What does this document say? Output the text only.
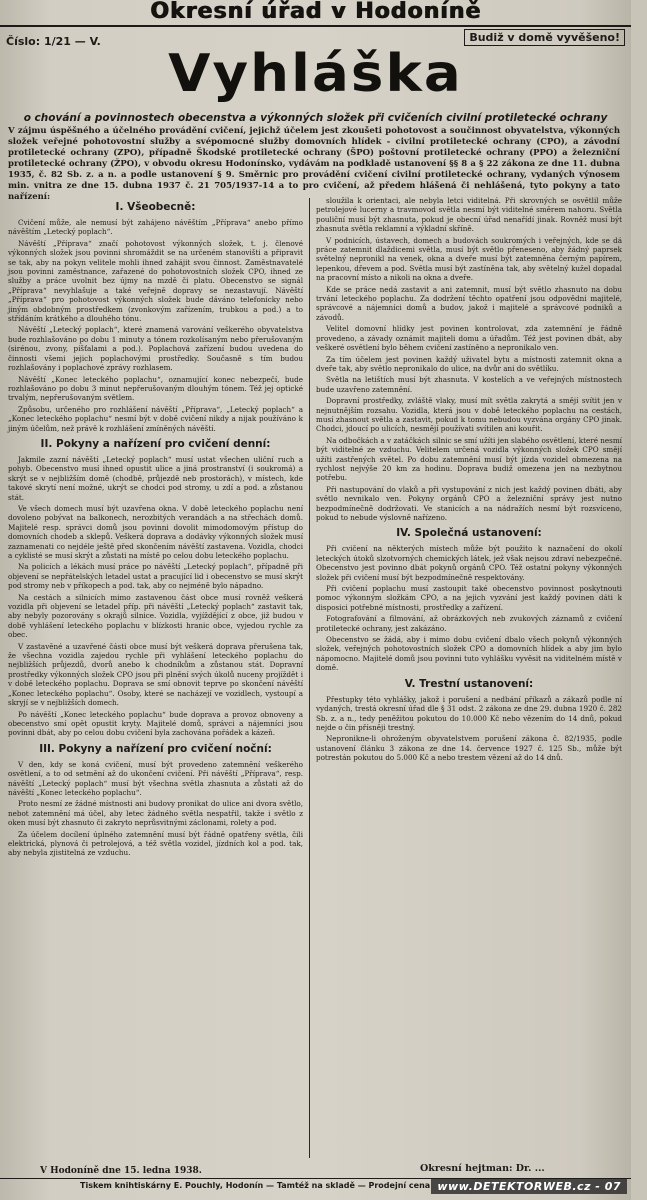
Okresní úřad v Hodoníně
Číslo: 1/21 — V.	Budiž v domě vyvěšeno!
Vyhláška
o chování a povinnostech obecenstva a výkonných složek při cvičeních civilní protiletecké ochrany
V zájmu úspěšného a účelného provádění cvičení, jejichž účelem jest zkoušeti pohotovost a součinnost obyvatelstva, výkonných složek veřejné pohotovostní služby a svépomocné služby domovních hlídek - civilní protiletecké ochrany (CPO), a závodní protiletecké ochrany (ZPO), případně Škodské protiletecké ochrany (ŠPO) poštovní protiletecké ochrany (PPO) a železniční protiletecké ochrany (ŽPO), v obvodu okresu Hodonínsko, vydávám na podkladě ustanovení §§ 8 a § 22 zákona ze dne 11. dubna 1935, č. 82 Sb. z. a n. a podle ustanovení § 9. Směrnic pro provádění cvičení civilní protiletecké ochrany, vydaných výnosem min. vnitra ze dne 15. dubna 1937 č. 21 705/1937-14 a to pro cvičení, až předem hlášená či nehlášená, tyto pokyny a tato nařízení:
I. Všeobecně:

Cvičení může, ale nemusí být zahájeno návěštím „Příprava“ anebo přímo návěštím „Letecký poplach“.

Návěští „Příprava“ značí pohotovost výkonných složek, t. j. členové výkonných složek jsou povinni shromáždit se na určeném stanovišti a připravit se tak, aby na pokyn velitele mohli ihned zahájit svou činnost. Zaměstnavatelé jsou povinni zaměstnance, zařazené do pohotovostních složek CPO, ihned ze služby a práce uvolnit bez újmy na mzdě či platu. Obecenstvo se signál „Příprava“ nevyhlašuje a také veřejně dopravy se nezastavují. Návěští „Příprava“ pro pohotovost výkonných složek bude dáváno telefonicky nebo jiným obdobným prostředkem (zvonkovým zařízením, trubkou a pod.) a to střídáním krátkého a dlouhého tónu.

Návěští „Letecký poplach“, které znamená varování veškerého obyvatelstva bude rozhlašováno po dobu 1 minuty a tónem rozkolísaným nebo přerušovaným (sirénou, zvony, píšťalami a pod.). Poplachová zařízení budou uvedena do činnosti všemi jejich poplachovými prostředky. Současně s tím budou rozhlašovány i poplachové zprávy rozhlasem.

Návěští „Konec leteckého poplachu“, oznamující konec nebezpečí, bude rozhlašováno po dobu 3 minut nepřerušovaným dlouhým tónem. Též jej optické trvalým, nepřerušovaným světlem.

Způsobu, určeného pro rozhlášení návěští „Příprava“, „Letecký poplach“ a „Konec leteckého poplachu“ nesmí být v době cvičení nikdy a nijak používáno k jiným účelům, než právě k rozhlášení zmíněných návěští.

II. Pokyny a nařízení pro cvičení denní:

Jakmile zazní návěští „Letecký poplach“ musí ustat všechen uliční ruch a pohyb. Obecenstvo musí ihned opustit ulice a jiná prostranství (i soukromá) a skrýt se v nejbližším domě (chodbě, průjezdě neb prostorách), v místech, kde takové skrytí není možné, ukrýt se chodci pod stromy, u zdí a pod. a zůstanou stát.

Ve všech domech musí být uzavřena okna. V době leteckého poplachu není dovoleno pobývat na balkonech, nerozbitých verandách a na střechách domů. Majitelé resp. správci domů jsou povinni dovolit mimodomovým přístup do domovních chodeb a sklepů. Veškerá doprava a dodávky výkonných složek musí zaznamenati co nejdéle ještě před skončením návěští zastavena. Vozidla, chodci a cyklisté se musí skrýt a zůstati na místě po celou dobu leteckého poplachu.

Na policích a lékách musí práce po návěští „Letecký poplach“, případně při objevení se nepřátelských letadel ustat a pracující lid i obecenstvo se musí skrýt pod stromy neb v příkopech a pod. tak, aby co nejméně bylo nápadno.

Na cestách a silnicích mimo zastavenou část obce musí rovněž veškerá vozidla při objevení se letadel příp. při návěští „Letecký poplach“ zastavit tak, aby nebyly pozorovány s okrajů silnice. Vozidla, vyjíždějící z obce, již budou v době vyhlášení leteckého poplachu v blízkosti hranic obce, vyjedou rychle za obec.

V zastavěné a uzavřené části obce musí být veškerá doprava přerušena tak, že všechna vozidla zajedou rychle při vyhlášení leteckého poplachu do nejbližších průjezdů, dvorů anebo k chodníkům a zůstanou stát. Dopravní prostředky výkonných složek CPO jsou při plnění svých úkolů nuceny projíždět i v době leteckého poplachu. Doprava se smí obnovit teprve po skončení návěští „Konec leteckého poplachu“. Osoby, které se nacházejí ve vozidlech, vystoupí a skryjí se v nejbližších domech.

Po návěští „Konec leteckého poplachu“ bude doprava a provoz obnoveny a obecenstvo smí opět opustit kryty. Majitelé domů, správci a nájemníci jsou povinni dbát, aby po celou dobu cvičení byla zachována pořádek a kázeň.

III. Pokyny a nařízení pro cvičení noční:

V den, kdy se koná cvičení, musí být provedeno zatemnění veškerého osvětlení, a to od setmění až do ukončení cvičení. Při návěští „Příprava“, resp. návěští „Letecký poplach“ musí být všechna světla zhasnuta a zůstati až do návěští „Konec leteckého poplachu“.

Proto nesmí ze žádné místnosti ani budovy pronikat do ulice ani dvora světlo, nebot zatemnění má účel, aby letec žádného světla nespatřil, takže i světlo z oken musí být zhasnuto či zakryto neprůsvitnými záclonami, rolety a pod.

Za účelem docílení úplného zatemnění musí být řádně opatřeny světla, čili elektrická, plynová či petrolejová, a též světla vozidel, jízdních kol a pod. tak, aby nebyla zjistitelná ze vzduchu.

sloužila k orientaci, ale nebyla letci viditelná. Při skrovných se osvětlil může petrolejové lucerny a travmovod světla nesmí být viditelné směrem nahoru. Světla pouliční musí být zhasnuta, pokud je obecní úřad nenařídí jinak. Rovněž musí být zhasnuta světla reklamní a výkladní skříně.

V podnicích, ústavech, domech a budovách soukromých i veřejných, kde se dá práce zatemnit dlaždicemi světla, musí být světlo přeneseno, aby žádný paprsek světelný nepronikl na venek, okna a dveře musí být zatemněna černým papírem, lepenkou, dřevem a pod. Světla musí být zastíněna tak, aby světelný kužel dopadal na pracovní místo a nikoli na okna a dveře.

Kde se práce nedá zastavit a ani zatemnit, musí být světlo zhasnuto na dobu trvání leteckého poplachu. Za dodržení těchto opatření jsou odpovědni majitelé, správcové a nájemníci domů a budov, jakož i majitelé a správcové podniků a závodů.

Velitel domovní hlídky jest povinen kontrolovat, zda zatemnění je řádně provedeno, a závady oznámit majiteli domu a úřadům. Též jest povinen dbát, aby veškeré osvětlení bylo během cvičení zastíněno a nepronikalo ven.

Za tím účelem jest povinen každý uživatel bytu a místnosti zatemnit okna a dveře tak, aby světlo nepronikalo do ulice, na dvůr ani do světlíku.

Světla na letištích musí být zhasnuta. V kostelích a ve veřejných místnostech bude uzavřeno zatemnění.

Dopravní prostředky, zvláště vlaky, musí mít světla zakrytá a smějí svítit jen v nejnutnějším rozsahu. Vozidla, která jsou v době leteckého poplachu na cestách, musí zhasnout světla a zastavit, pokud k tomu nebudou vyzvána orgány CPO jinak. Chodci, jdoucí po ulicích, nesmějí používati svítilen ani kouřit.

Na odbočkách a v zatáčkách silnic se smí užíti jen slabého osvětlení, které nesmí být viditelné ze vzduchu. Velitelem určená vozidla výkonných složek CPO smějí užíti zastřených světel. Po dobu zatemnění musí být jízda vozidel obmezena na rychlost nejvýše 20 km za hodinu. Doprava budiž omezena jen na nezbytnou potřebu.

Při nastupování do vlaků a při vystupování z nich jest každý povinen dbáti, aby světlo nevnikalo ven. Pokyny orgánů CPO a železniční správy jest nutno bezpodmínečně dodržovati. Ve stanicích a na nádražích nesmí být rozsvíceno, pokud to nebude výslovně nařízeno.

IV. Společná ustanovení:

Při cvičení na některých místech může být použito k naznačení do okolí leteckých útoků slzotvorných chemických látek, jež však nejsou zdraví nebezpečné. Obecenstvo jest povinno dbát pokynů orgánů CPO. Též ostatní pokyny výkonných složek při cvičení musí být bezpodmínečně respektovány.

Při cvičení poplachu musí zastoupit také obecenstvo povinnost poskytnouti pomoc výkonným složkám CPO, a na jejich vyzvání jest každý povinen dáti k disposici potřebné místnosti, prostředky a zařízení.

Fotografování a filmování, až obrázkových neb zvukových záznamů z cvičení protiletecké ochrany, jest zakázáno.

Obecenstvo se žádá, aby i mimo dobu cvičení dbalo všech pokynů výkonných složek, veřejných pohotovostních složek CPO a domovních hlídek a aby jim bylo nápomocno. Majitelé domů jsou povinni tuto vyhlášku vyvěsit na viditelném místě v domě.

V. Trestní ustanovení:

Přestupky této vyhlášky, jakož i porušení a nedbání příkazů a zákazů podle ní vydaných, trestá okresní úřad dle § 31 odst. 2 zákona ze dne 29. dubna 1920 č. 282 Sb. z. a n., tedy peněžitou pokutou do 10.000 Kč nebo vězením do 14 dnů, pokud nejde o čin přísněji trestný.

Nepronikne-li ohroženým obyvatelstvem porušení zákona č. 82/1935, podle ustanovení článku 3 zákona ze dne 14. července 1927 č. 125 Sb., může být potrestán pokutou do 5.000 Kč a nebo trestem vězení až do 14 dnů.

V Hodoníně dne 15. ledna 1938.	Okresní hejtman: Dr. ...
Tiskem knihtiskárny E. Pouchly, Hodonín — Tamtéž na skladě — Prodejní cena www.DETEKTORWEB.cz - 07
